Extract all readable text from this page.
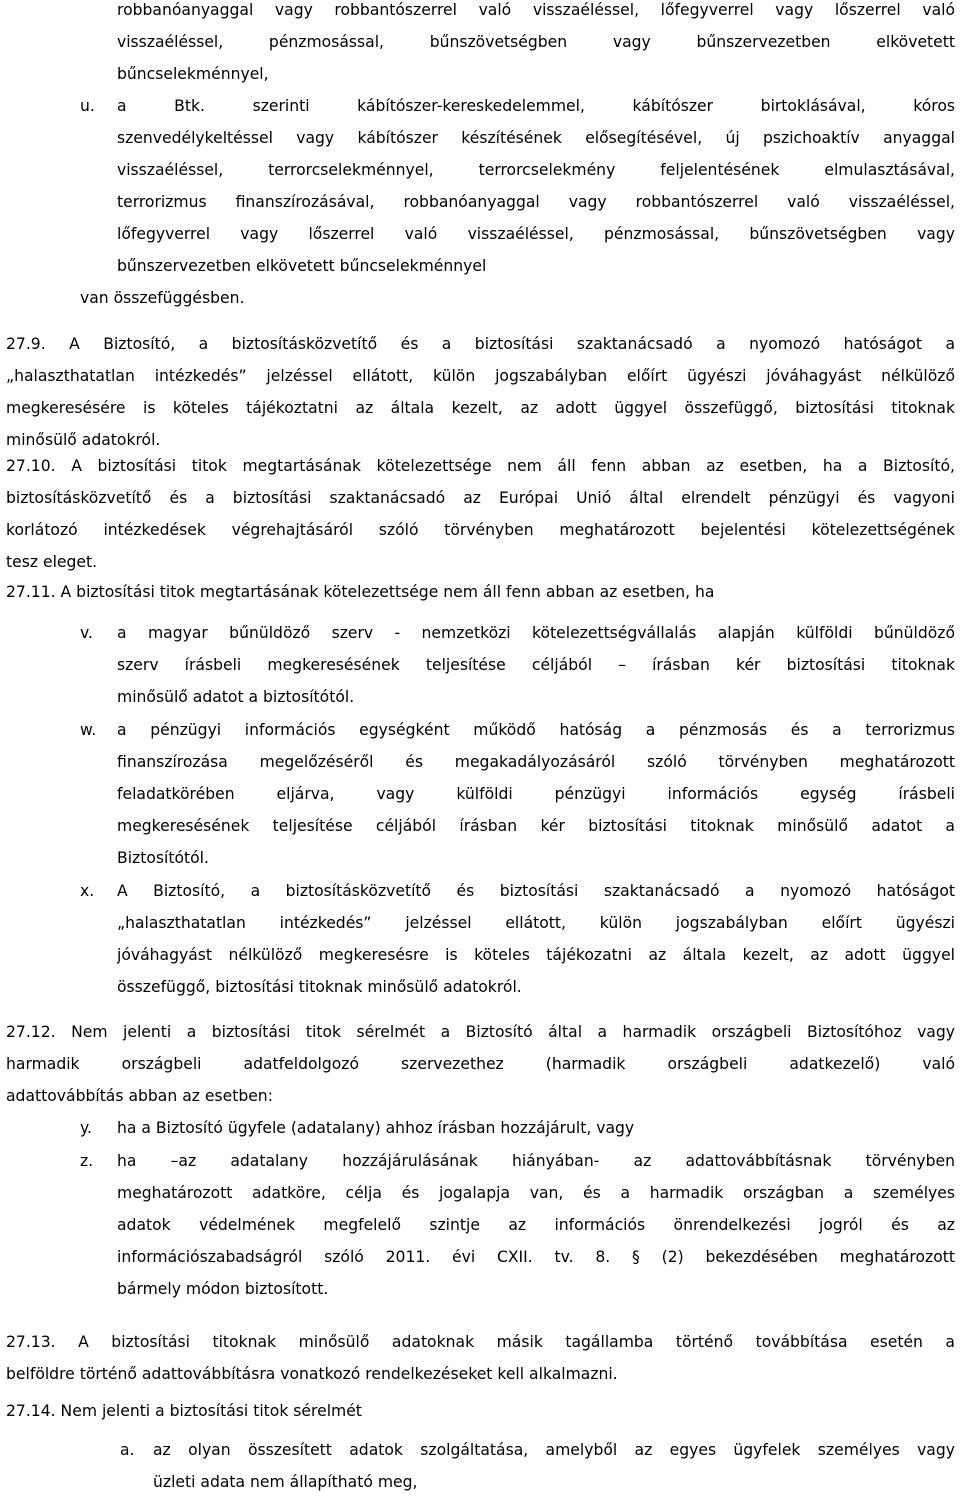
robbanóanyaggal vagy robbantószerrel való visszaéléssel, lőfegyverrel vagy lőszerrel való
visszaéléssel, pénzmosással, bűnszövetségben vagy bűnszervezetben elkövetett
bűncselekménnyel,
u. a Btk. szerinti kábítószer-kereskedelemmel, kábítószer birtoklásával, kóros
szenvedélykeltéssel vagy kábítószer készítésének elősegítésével, új pszichoaktív anyaggal
visszaéléssel, terrorcselekménnyel, terrorcselekmény feljelentésének elmulasztásával,
terrorizmus finanszírozásával, robbanóanyaggal vagy robbantószerrel való visszaéléssel,
lőfegyverrel vagy lőszerrel való visszaéléssel, pénzmosással, bűnszövetségben vagy
bűnszervezetben elkövetett bűncselekménnyel
van összefüggésben.
27.9. A Biztosító, a biztosításközvetítő és a biztosítási szaktanácsadó a nyomozó hatóságot a
„halaszthatatlan intézkedés” jelzéssel ellátott, külön jogszabályban előírt ügyészi jóváhagyást nélkülöző
megkeresésére is köteles tájékoztatni az általa kezelt, az adott üggyel összefüggő, biztosítási titoknak
minősülő adatokról.
27.10. A biztosítási titok megtartásának kötelezettsége nem áll fenn abban az esetben, ha a Biztosító,
biztosításközvetítő és a biztosítási szaktanácsadó az Európai Unió által elrendelt pénzügyi és vagyoni
korlátozó intézkedések végrehajtásáról szóló törvényben meghatározott bejelentési kötelezettségének
tesz eleget.
27.11. A biztosítási titok megtartásának kötelezettsége nem áll fenn abban az esetben, ha
v. a magyar bűnüldöző szerv - nemzetközi kötelezettségvállalás alapján külföldi bűnüldöző
szerv írásbeli megkeresésének teljesítése céljából – írásban kér biztosítási titoknak
minősülő adatot a biztosítótól.
w. a pénzügyi információs egységként működő hatóság a pénzmosás és a terrorizmus
finanszírozása megelőzéséről és megakadályozásáról szóló törvényben meghatározott
feladatkörében eljárva, vagy külföldi pénzügyi információs egység írásbeli
megkeresésének teljesítése céljából írásban kér biztosítási titoknak minősülő adatot a
Biztosítótól.
x. A Biztosító, a biztosításközvetítő és biztosítási szaktanácsadó a nyomozó hatóságot
„halaszthatatlan intézkedés” jelzéssel ellátott, külön jogszabályban előírt ügyészi
jóváhagyást nélkülöző megkeresésre is köteles tájékozatni az általa kezelt, az adott üggyel
összefüggő, biztosítási titoknak minősülő adatokról.
27.12. Nem jelenti a biztosítási titok sérelmét a Biztosító által a harmadik országbeli Biztosítóhoz vagy
harmadik országbeli adatfeldolgozó szervezethez (harmadik országbeli adatkezelő) való
adattovábbítás abban az esetben:
y. ha a Biztosító ügyfele (adatalany) ahhoz írásban hozzájárult, vagy
z. ha –az adatalany hozzájárulásának hiányában- az adattovábbításnak törvényben
meghatározott adatköre, célja és jogalapja van, és a harmadik országban a személyes
adatok védelmének megfelelő szintje az információs önrendelkezési jogról és az
információszabadságról szóló 2011. évi CXII. tv. 8. § (2) bekezdésében meghatározott
bármely módon biztosított.
27.13. A biztosítási titoknak minősülő adatoknak másik tagállamba történő továbbítása esetén a
belföldre történő adattovábbításra vonatkozó rendelkezéseket kell alkalmazni.
27.14. Nem jelenti a biztosítási titok sérelmét
a. az olyan összesített adatok szolgáltatása, amelyből az egyes ügyfelek személyes vagy
üzleti adata nem állapítható meg,
